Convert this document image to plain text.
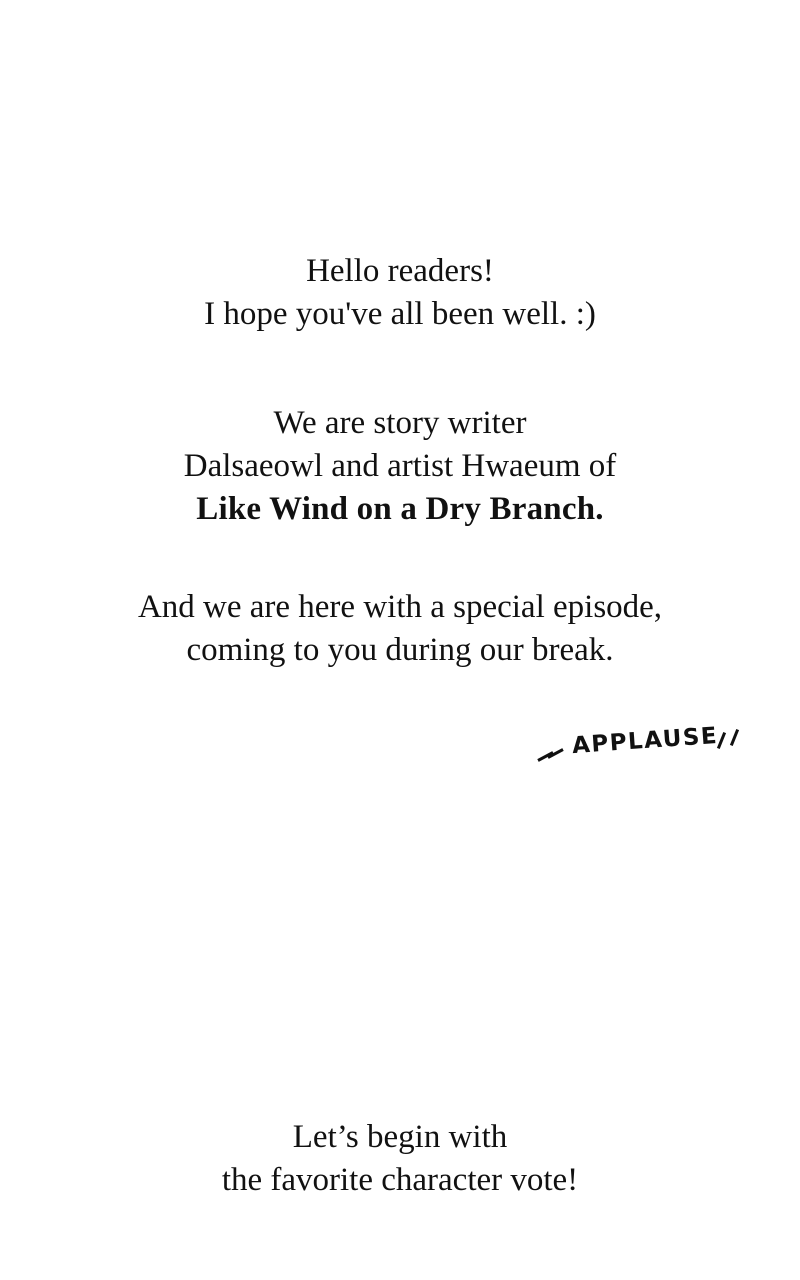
Hello readers!
I hope you've all been well. :)
We are story writer
Dalsaeowl and artist Hwaeum of
Like Wind on a Dry Branch.
And we are here with a special episode,
coming to you during our break.
APPLAUSE
Let’s begin with
the favorite character vote!
